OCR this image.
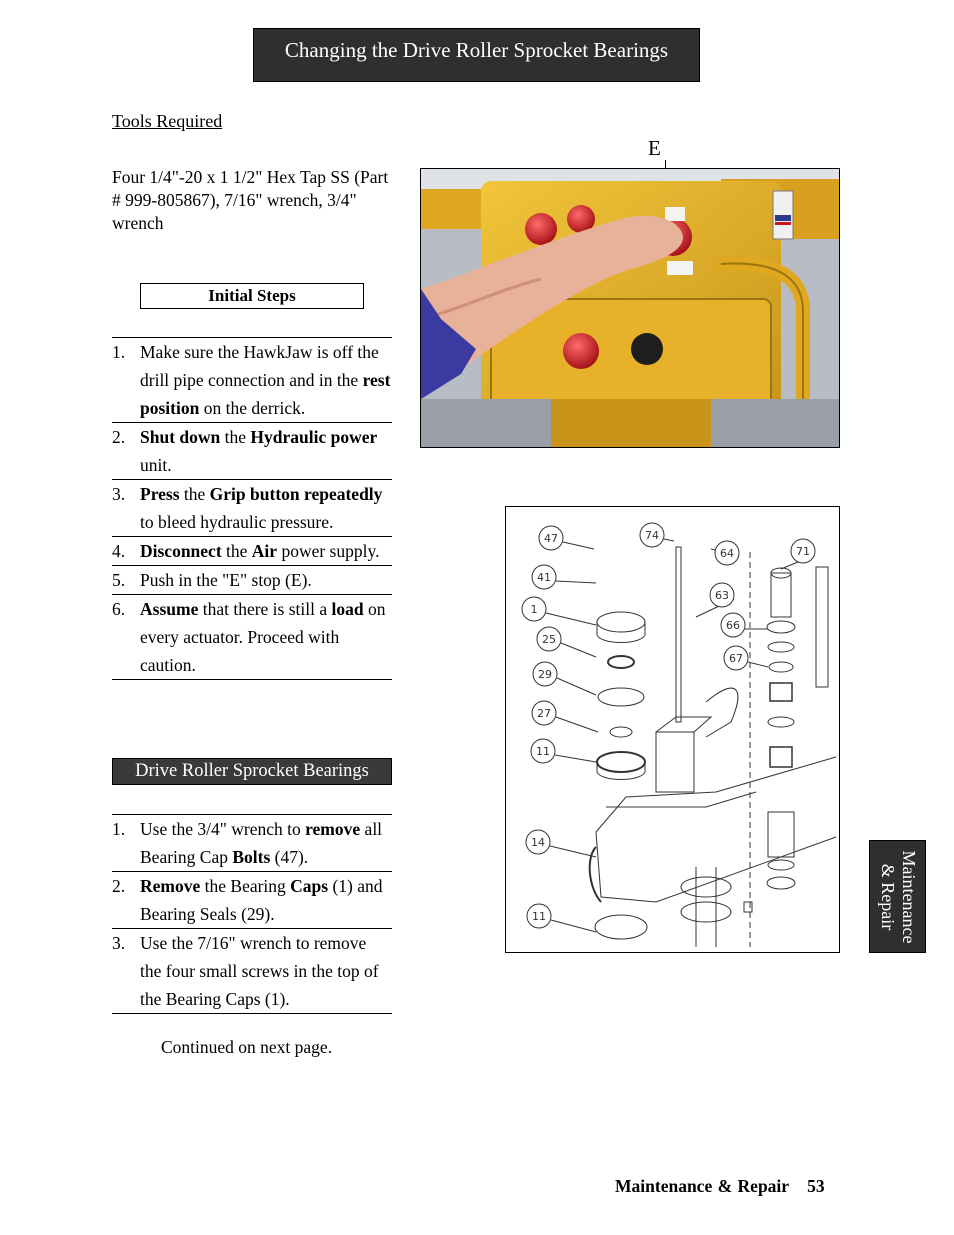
Changing the Drive Roller Sprocket Bearings
Tools Required
Four 1/4"-20 x 1 1/2" Hex Tap SS (Part # 999-805867), 7/16" wrench, 3/4" wrench
Initial Steps
1. Make sure the HawkJaw is off the drill pipe connection and in the rest position on the derrick.
2. Shut down the Hydraulic power unit.
3. Press the Grip button repeatedly to bleed hydraulic pressure.
4. Disconnect the Air power supply.
5. Push in the "E" stop (E).
6. Assume that there is still a load on every actuator. Proceed with caution.
Drive Roller Sprocket Bearings
1. Use the 3/4" wrench to remove all Bearing Cap Bolts (47).
2. Remove the Bearing Caps (1) and Bearing Seals (29).
3. Use the 7/16" wrench to remove the four small screws in the top of the Bearing Caps (1).
Continued on next page.
E
47	74
64	71
41
63
1
66
25
67
29
27
11
14
11	Maintenance
& Repair
Maintenance & Repair 53
